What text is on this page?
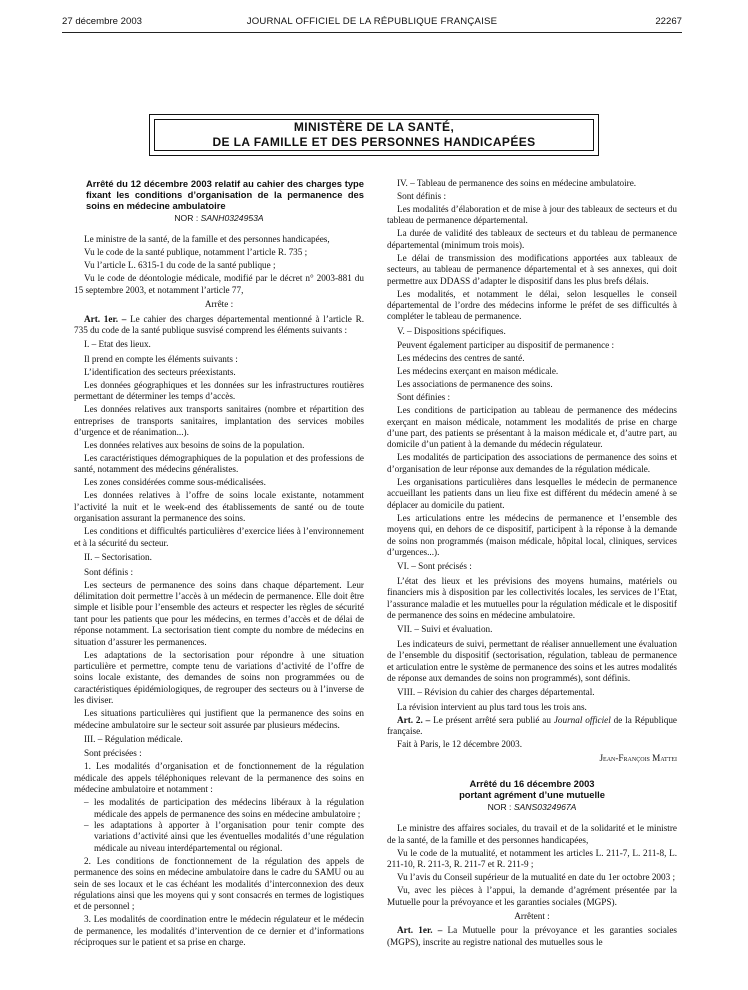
27 décembre 2003	JOURNAL OFFICIEL DE LA RÉPUBLIQUE FRANÇAISE	22267
MINISTÈRE DE LA SANTÉ,
DE LA FAMILLE ET DES PERSONNES HANDICAPÉES

Arrêté du 12 décembre 2003 relatif au cahier des charges type fixant les conditions d’organisation de la permanence des soins en médecine ambulatoire

NOR : SANH0324953A

Le ministre de la santé, de la famille et des personnes handicapées,

Vu le code de la santé publique, notamment l’article R. 735 ;

Vu l’article L. 6315-1 du code de la santé publique ;

Vu le code de déontologie médicale, modifié par le décret n° 2003-881 du 15 septembre 2003, et notamment l’article 77,

Arrête :

Art. 1er. – Le cahier des charges départemental mentionné à l’article R. 735 du code de la santé publique susvisé comprend les éléments suivants :

I. – Etat des lieux.

Il prend en compte les éléments suivants :

L’identification des secteurs préexistants.

Les données géographiques et les données sur les infrastructures routières permettant de déterminer les temps d’accès.

Les données relatives aux transports sanitaires (nombre et répartition des entreprises de transports sanitaires, implantation des services mobiles d’urgence et de réanimation...).

Les données relatives aux besoins de soins de la population.

Les caractéristiques démographiques de la population et des professions de santé, notamment des médecins généralistes.

Les zones considérées comme sous-médicalisées.

Les données relatives à l’offre de soins locale existante, notamment l’activité la nuit et le week-end des établissements de santé ou de toute organisation assurant la permanence des soins.

Les conditions et difficultés particulières d’exercice liées à l’environnement et à la sécurité du secteur.

II. – Sectorisation.

Sont définis :

Les secteurs de permanence des soins dans chaque département. Leur délimitation doit permettre l’accès à un médecin de permanence. Elle doit être simple et lisible pour l’ensemble des acteurs et respecter les règles de sécurité tant pour les patients que pour les médecins, en termes d’accès et de délai de réponse notamment. La sectorisation tient compte du nombre de médecins en situation d’assurer les permanences.

Les adaptations de la sectorisation pour répondre à une situation particulière et permettre, compte tenu de variations d’activité de l’offre de soins locale existante, des demandes de soins non programmées ou de caractéristiques épidémiologiques, de regrouper des secteurs ou à l’inverse de les diviser.

Les situations particulières qui justifient que la permanence des soins en médecine ambulatoire sur le secteur soit assurée par plusieurs médecins.

III. – Régulation médicale.

Sont précisées :

1. Les modalités d’organisation et de fonctionnement de la régulation médicale des appels téléphoniques relevant de la permanence des soins en médecine ambulatoire et notamment :

– les modalités de participation des médecins libéraux à la régulation médicale des appels de permanence des soins en médecine ambulatoire ;
– les adaptations à apporter à l’organisation pour tenir compte des variations d’activité ainsi que les éventuelles modalités d’une régulation médicale au niveau interdépartemental ou régional.

2. Les conditions de fonctionnement de la régulation des appels de permanence des soins en médecine ambulatoire dans le cadre du SAMU ou au sein de ses locaux et le cas échéant les modalités d’interconnexion des deux régulations ainsi que les moyens qui y sont consacrés en termes de logistiques et de personnel ;

3. Les modalités de coordination entre le médecin régulateur et le médecin de permanence, les modalités d’intervention de ce dernier et d’informations réciproques sur le patient et sa prise en charge.

IV. – Tableau de permanence des soins en médecine ambulatoire.

Sont définis :

Les modalités d’élaboration et de mise à jour des tableaux de secteurs et du tableau de permanence départemental.

La durée de validité des tableaux de secteurs et du tableau de permanence départemental (minimum trois mois).

Le délai de transmission des modifications apportées aux tableaux de secteurs, au tableau de permanence départemental et à ses annexes, qui doit permettre aux DDASS d’adapter le dispositif dans les plus brefs délais.

Les modalités, et notamment le délai, selon lesquelles le conseil départemental de l’ordre des médecins informe le préfet de ses difficultés à compléter le tableau de permanence.

V. – Dispositions spécifiques.

Peuvent également participer au dispositif de permanence :

Les médecins des centres de santé.

Les médecins exerçant en maison médicale.

Les associations de permanence des soins.

Sont définies :

Les conditions de participation au tableau de permanence des médecins exerçant en maison médicale, notamment les modalités de prise en charge d’une part, des patients se présentant à la maison médicale et, d’autre part, au domicile d’un patient à la demande du médecin régulateur.

Les modalités de participation des associations de permanence des soins et d’organisation de leur réponse aux demandes de la régulation médicale.

Les organisations particulières dans lesquelles le médecin de permanence accueillant les patients dans un lieu fixe est différent du médecin amené à se déplacer au domicile du patient.

Les articulations entre les médecins de permanence et l’ensemble des moyens qui, en dehors de ce dispositif, participent à la réponse à la demande de soins non programmés (maison médicale, hôpital local, cliniques, services d’urgences...).

VI. – Sont précisés :

L’état des lieux et les prévisions des moyens humains, matériels ou financiers mis à disposition par les collectivités locales, les services de l’Etat, l’assurance maladie et les mutuelles pour la régulation médicale et le dispositif de permanence des soins en médecine ambulatoire.

VII. – Suivi et évaluation.

Les indicateurs de suivi, permettant de réaliser annuellement une évaluation de l’ensemble du dispositif (sectorisation, régulation, tableau de permanence et articulation entre le système de permanence des soins et les autres modalités de réponse aux demandes de soins non programmés), sont définis.

VIII. – Révision du cahier des charges départemental.

La révision intervient au plus tard tous les trois ans.

Art. 2. – Le présent arrêté sera publié au Journal officiel de la République française.

Fait à Paris, le 12 décembre 2003.

Jean-François Mattei

Arrêté du 16 décembre 2003

portant agrément d’une mutuelle

NOR : SANS0324967A

Le ministre des affaires sociales, du travail et de la solidarité et le ministre de la santé, de la famille et des personnes handicapées,

Vu le code de la mutualité, et notamment les articles L. 211-7, L. 211-8, L. 211-10, R. 211-3, R. 211-7 et R. 211-9 ;

Vu l’avis du Conseil supérieur de la mutualité en date du 1er octobre 2003 ;

Vu, avec les pièces à l’appui, la demande d’agrément présentée par la Mutuelle pour la prévoyance et les garanties sociales (MGPS).

Arrêtent :

Art. 1er. – La Mutuelle pour la prévoyance et les garanties sociales (MGPS), inscrite au registre national des mutuelles sous le
